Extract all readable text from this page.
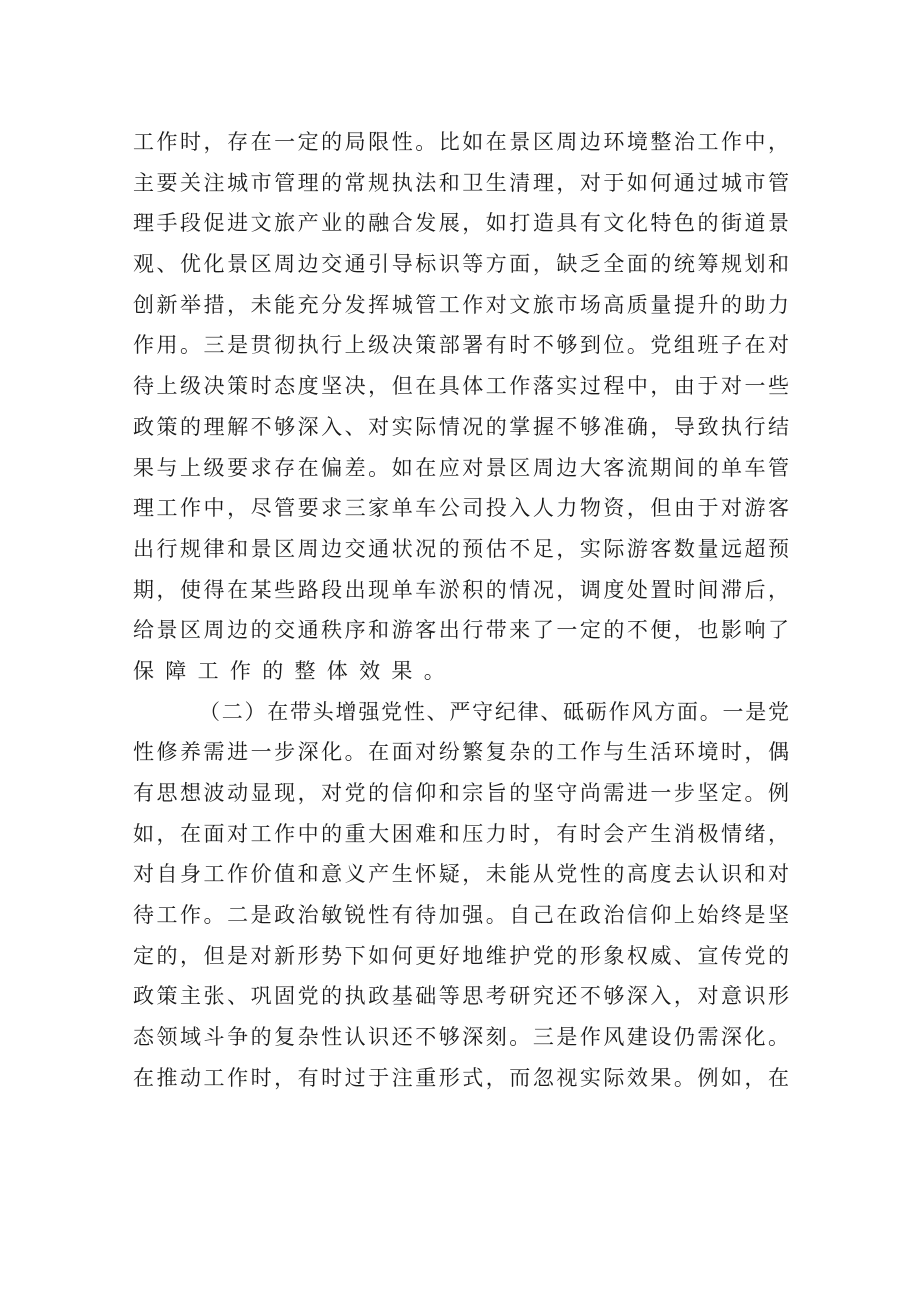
工作时，存在一定的局限性。比如在景区周边环境整治工作中，
主要关注城市管理的常规执法和卫生清理，对于如何通过城市管
理手段促进文旅产业的融合发展，如打造具有文化特色的街道景
观、优化景区周边交通引导标识等方面，缺乏全面的统筹规划和
创新举措，未能充分发挥城管工作对文旅市场高质量提升的助力
作用。三是贯彻执行上级决策部署有时不够到位。党组班子在对
待上级决策时态度坚决，但在具体工作落实过程中，由于对一些
政策的理解不够深入、对实际情况的掌握不够准确，导致执行结
果与上级要求存在偏差。如在应对景区周边大客流期间的单车管
理工作中，尽管要求三家单车公司投入人力物资，但由于对游客
出行规律和景区周边交通状况的预估不足，实际游客数量远超预
期，使得在某些路段出现单车淤积的情况，调度处置时间滞后，
给景区周边的交通秩序和游客出行带来了一定的不便，也影响了
保障工作的整体效果。
（二）在带头增强党性、严守纪律、砥砺作风方面。一是党
性修养需进一步深化。在面对纷繁复杂的工作与生活环境时，偶
有思想波动显现，对党的信仰和宗旨的坚守尚需进一步坚定。例
如，在面对工作中的重大困难和压力时，有时会产生消极情绪，
对自身工作价值和意义产生怀疑，未能从党性的高度去认识和对
待工作。二是政治敏锐性有待加强。自己在政治信仰上始终是坚
定的，但是对新形势下如何更好地维护党的形象权威、宣传党的
政策主张、巩固党的执政基础等思考研究还不够深入，对意识形
态领域斗争的复杂性认识还不够深刻。三是作风建设仍需深化。
在推动工作时，有时过于注重形式，而忽视实际效果。例如，在
